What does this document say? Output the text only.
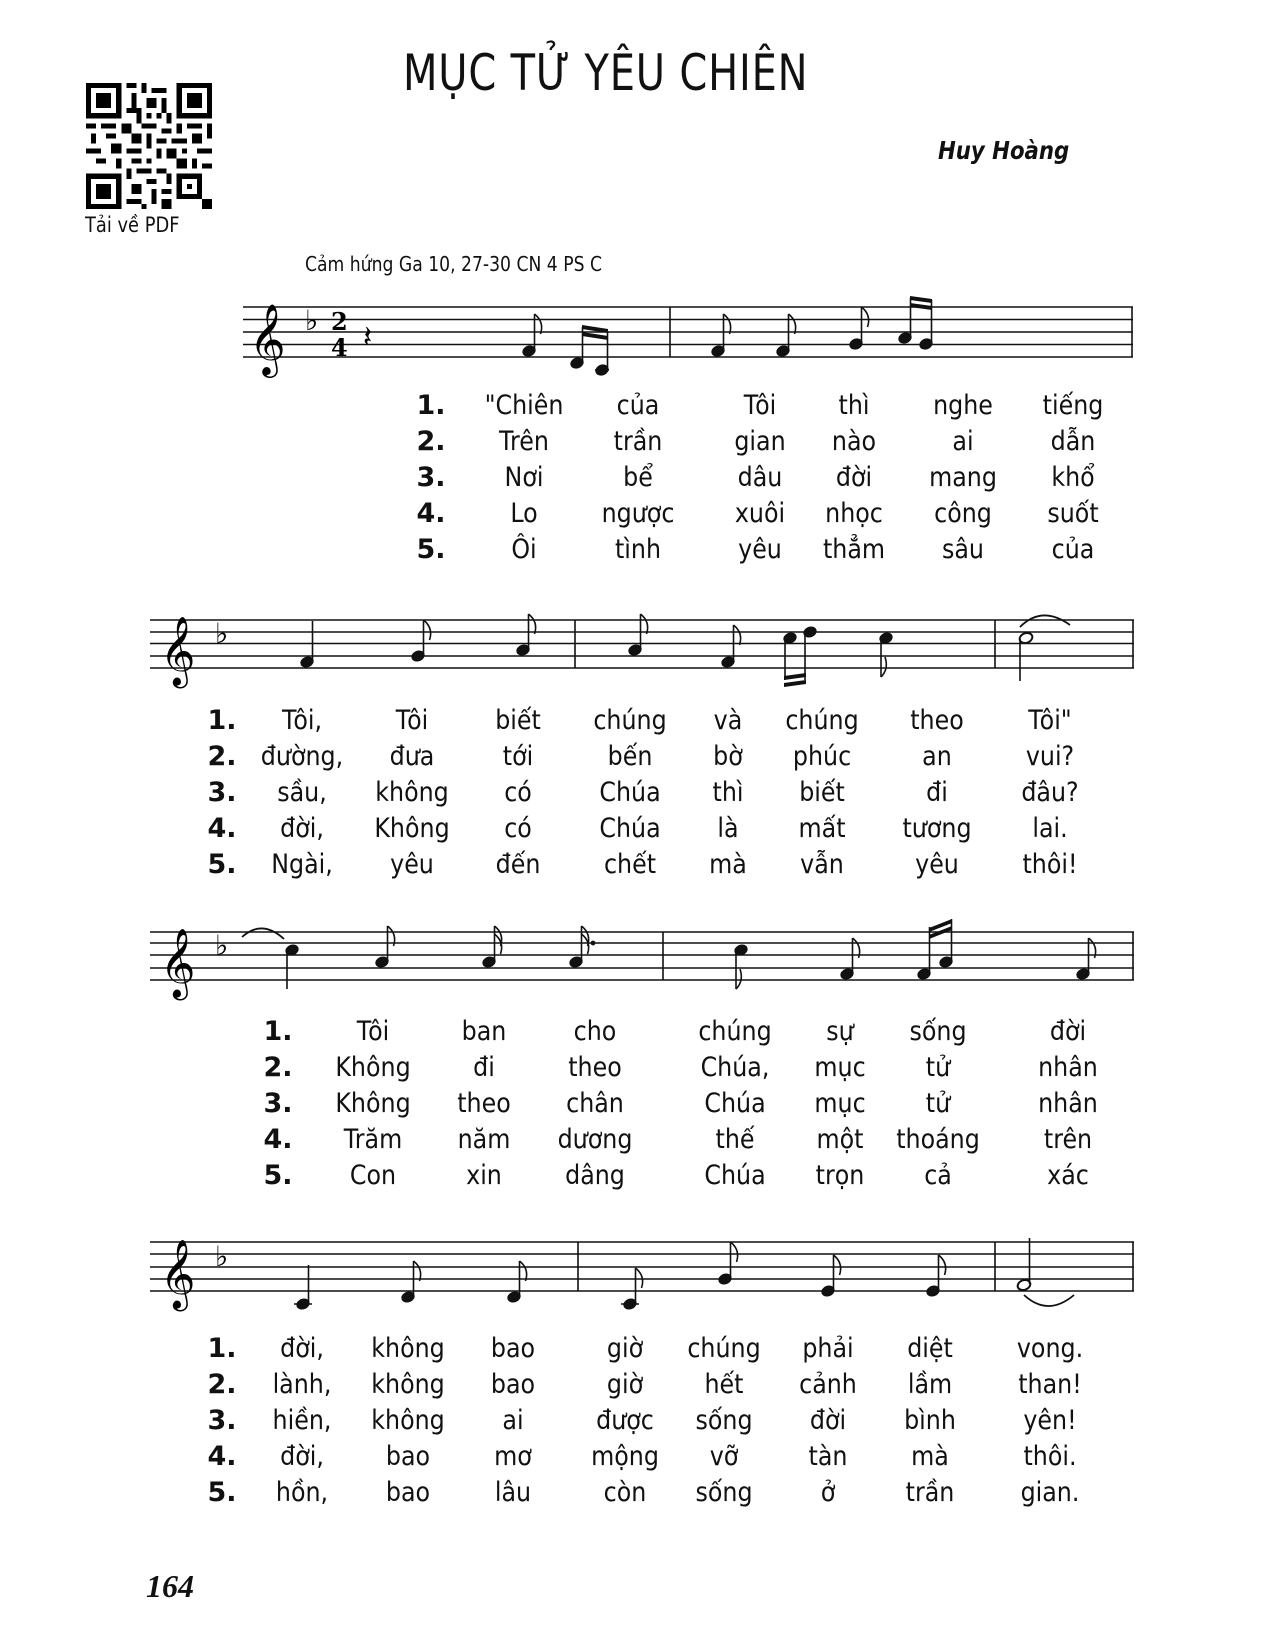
Tải về PDF
MỤC TỬ YÊU CHIÊN
Huy Hoàng
Cảm hứng Ga 10, 27-30 CN 4 PS C
𝄞 ♭ 2
4 𝄽
1. "Chiên của	Tôi thì nghe tiếng
2. Trên trần	gian nào	ai	dẫn
3. Nơi	bể	dâu đời mang khổ
4. Lo ngược xuôi nhọc công suốt
5. Ôi	tình	yêu thẳm sâu	của
𝄞 ♭
1. Tôi,	Tôi biết chúng và chúng theo Tôi"
2. đường, đưa	tới	bến bờ phúc	an	vui?
3. sầu, không có	Chúa thì biết	đi	đâu?
4. đời, Không có	Chúa là mất tương lai.
5. Ngài, yêu đến chết mà vẫn	yêu thôi!
𝄞 ♭
1. Tôi	ban cho	chúng sự sống	đời
2. Không đi	theo	Chúa, mục tử	nhân
3. Không theo chân	Chúa mục tử	nhân
4. Trăm năm dương	thế một thoáng trên
5. Con	xin dâng	Chúa trọn cả	xác
𝄞 ♭
1. đời, không bao	giờ chúng phải diệt vong.
2. lành, không bao	giờ hết cảnh lầm than!
3. hiền, không ai	được sống đời bình yên!
4. đời, bao mơ mộng vỡ	tàn mà	thôi.
5. hồn, bao lâu	còn sống	ở	trần gian.
164
